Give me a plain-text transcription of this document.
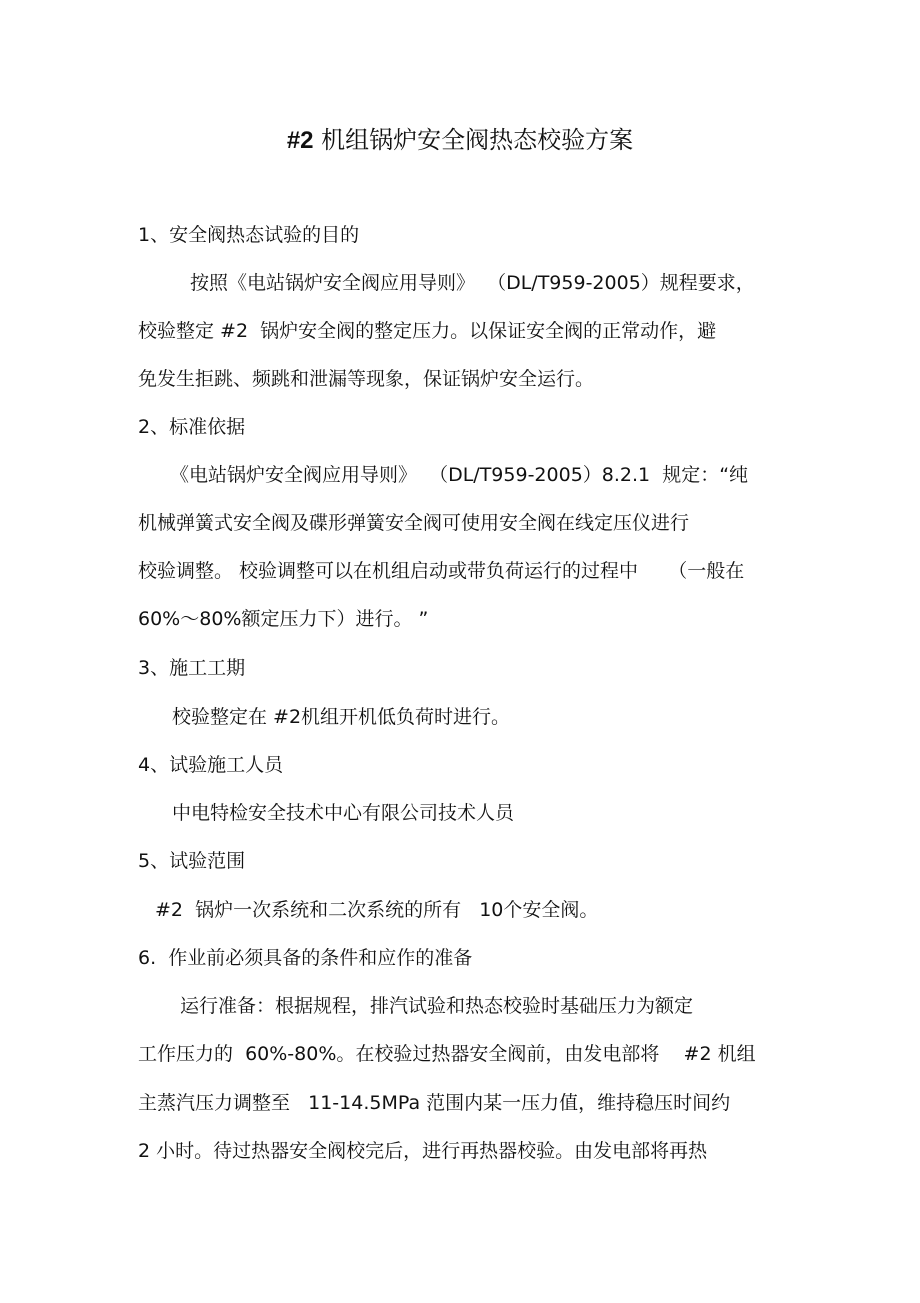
#2 机组锅炉安全阀热态校验方案

1、安全阀热态试验的目的

按照《电站锅炉安全阀应用导则》  （DL/T959-2005）规程要求，

校验整定 #2  锅炉安全阀的整定压力。以保证安全阀的正常动作，避

免发生拒跳、频跳和泄漏等现象，保证锅炉安全运行。

2、标准依据

《电站锅炉安全阀应用导则》  （DL/T959-2005）8.2.1  规定：“纯

机械弹簧式安全阀及碟形弹簧安全阀可使用安全阀在线定压仪进行

校验调整。 校验调整可以在机组启动或带负荷运行的过程中     （一般在

60%～80%额定压力下）进行。 ”

3、施工工期

校验整定在 #2机组开机低负荷时进行。

4、试验施工人员

中电特检安全技术中心有限公司技术人员

5、试验范围

#2  锅炉一次系统和二次系统的所有   10个安全阀。

6.  作业前必须具备的条件和应作的准备

运行准备：根据规程，排汽试验和热态校验时基础压力为额定

工作压力的  60%-80%。在校验过热器安全阀前，由发电部将    #2 机组

主蒸汽压力调整至   11-14.5MPa 范围内某一压力值，维持稳压时间约

2 小时。待过热器安全阀校完后，进行再热器校验。由发电部将再热
